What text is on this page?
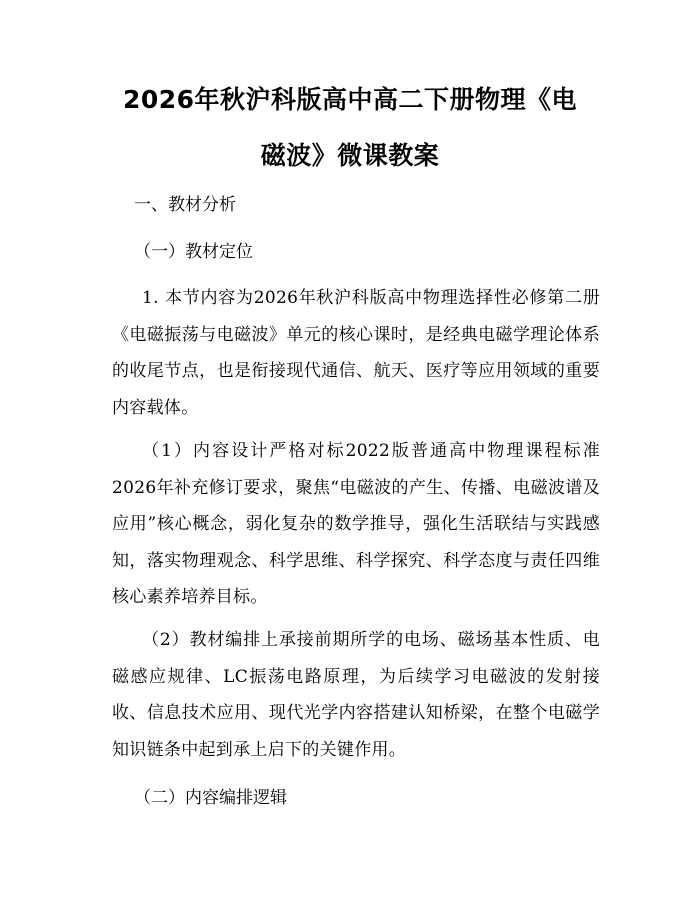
2026年秋沪科版高中高二下册物理《电磁波》微课教案
一、教材分析
（一）教材定位
1. 本节内容为2026年秋沪科版高中物理选择性必修第二册《电磁振荡与电磁波》单元的核心课时，是经典电磁学理论体系的收尾节点，也是衔接现代通信、航天、医疗等应用领域的重要内容载体。
（1）内容设计严格对标2022版普通高中物理课程标准2026年补充修订要求，聚焦“电磁波的产生、传播、电磁波谱及应用”核心概念，弱化复杂的数学推导，强化生活联结与实践感知，落实物理观念、科学思维、科学探究、科学态度与责任四维核心素养培养目标。
（2）教材编排上承接前期所学的电场、磁场基本性质、电磁感应规律、LC振荡电路原理，为后续学习电磁波的发射接收、信息技术应用、现代光学内容搭建认知桥梁，在整个电磁学知识链条中起到承上启下的关键作用。
（二）内容编排逻辑
